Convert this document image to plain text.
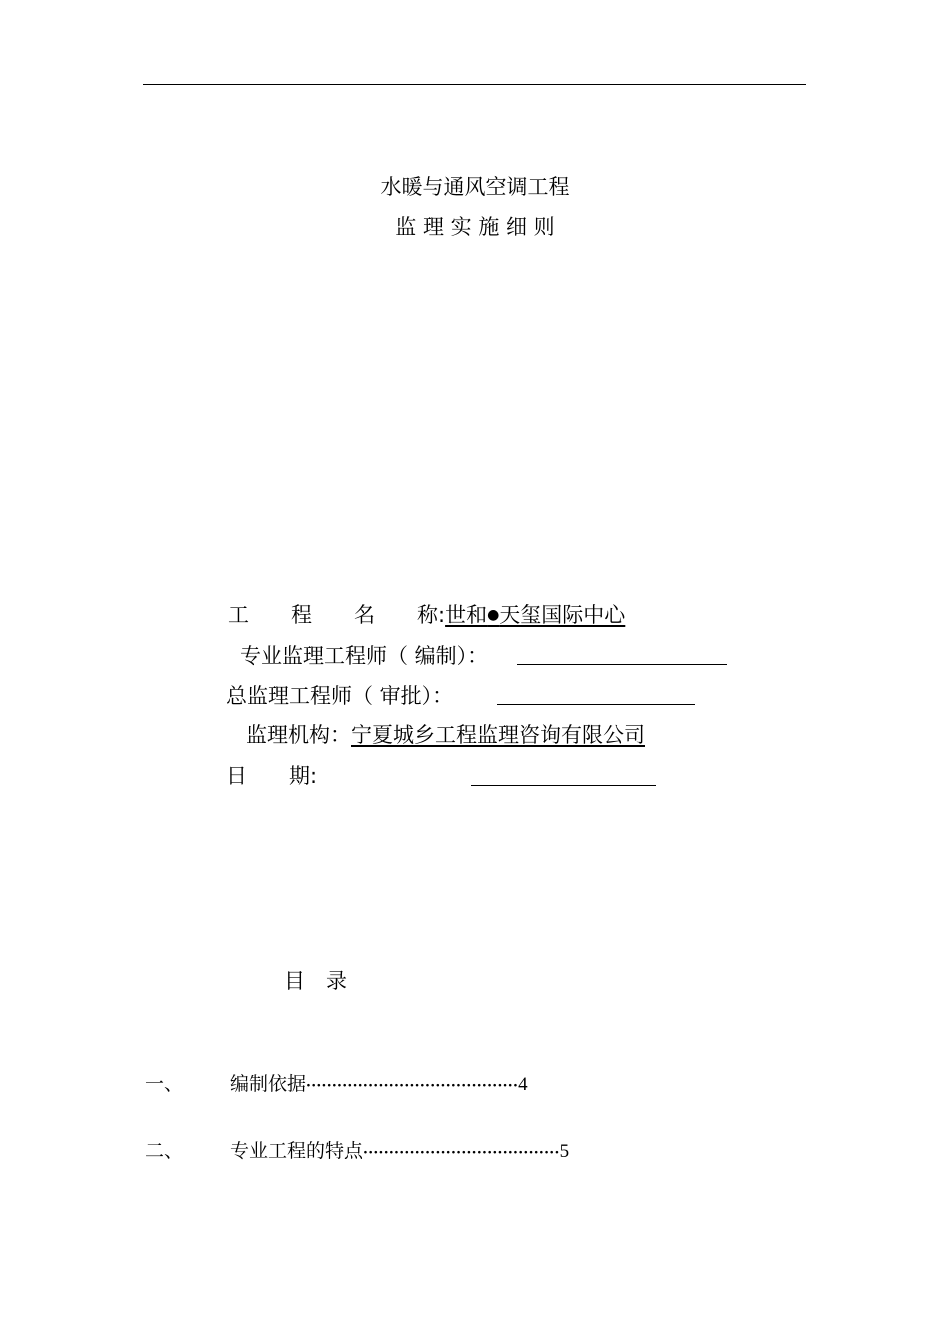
水暖与通风空调工程
监 理 实 施 细 则
工　　程　　名　　称:世和●天玺国际中心
专业监理工程师（ 编制）：
总监理工程师（ 审批）：
监理机构：宁夏城乡工程监理咨询有限公司
日　　期:
目　录
一、 编制依据·········································4
二、 专业工程的特点······································5
